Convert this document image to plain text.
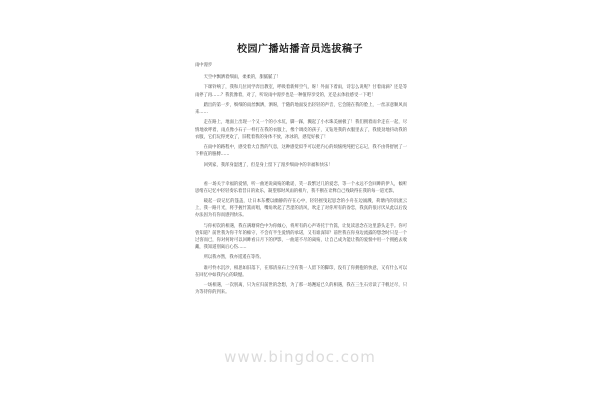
校园广播站播音员选拔稿子

雨中漫步

天空中飘洒着细雨，柔柔的，甜腻腻了！

下课铃响了，我和几位同学奔出教室，呼吸着新鲜空气，呀！外面下着雨，诗怎么说呢？甘着雨滴？还是等雨停了再……？我犹豫着，对了，听说雨中漫步也是一种值得享受的，还是去体验感受一下吧！

踏出的第一步，细细的雨丝飘洒，洒呀，于随的地面发出轻轻的声音，它会随在我的脸上，一丝凉意顺风而来……

走在路上，地面上出现一个又一个的小水坑，脚一踩，溅起了小水珠美丽极了！我们拥着雨伞走在一起，尽情地欢呼着，雨点像小石子一样打在我的衣服上，像个调皮的孩子，又钻进我的衣服里去了，我使劲地抖动我的衣服，它们玩得更欢了，旧鞋着我的身体不放，冰冰的，感觉好极了！

在雨中的路程中，感受着大自然的气息，这种感觉似乎可以把内心的烦恼纯纯把它忘记，我不由得舒展了一下伸直的胳膊……

回到家，我浑身湿透了，但是身上留下了漫步细雨中的幸福和快乐！

看一场关于幸福的爱情，听一曲述说离殇的歌谣，笑一段繁过几的爱恋，等一个永远不会回眸的伊人，倾听思绪在记忆中轻轻奏乐着昔日的欢乐，凝望那时风雨的相片，我不断在诠释自己残缺得在我的每一道光影。

载起一段记忆的篷盖，让日本东樱以幽静的存在心中，轻轻摇曳起思念的小舟在边涌溅，荷塘内的涓流云上，我一路月光，将手握竹篙而唱，嘴角吹起了苦涩的清风，吹走了对你所有的眷恋，我真的很讨厌从此以后没办法因为有你而感到快乐。

与你初次的相遇，我在满塘荷色中为你倾心，将所有的心声寄托于竹篙，让复读思念在这里游头走手。你可曾知道？前世我为你千年的痴守，不会有半生爱情的承诺，又有谁深知？前世我在你身边流露的想念时只是一个过客而已，你对何时可以回眸看日月下的伊影，一曲道不尽的离殇，让自己成为能让我的爱恨中用一个拥抱去收藏，我知道别离后心伤……

所以我亦然，我亦遥遥在等待。

谁可怜水沉沙，相思如旧落下，在那清泉石上空有我一人留下的脚印，没有了你拥抱的快意，又有什么可以在回忆中如我内心的缺憾。

一场相遇，一次别离，只为应归前世的念想，为了那一场邂逅已久的相遇，我在三生石旁读了千帆过尽，只为等待你的到来。

www.bingdoc.com
